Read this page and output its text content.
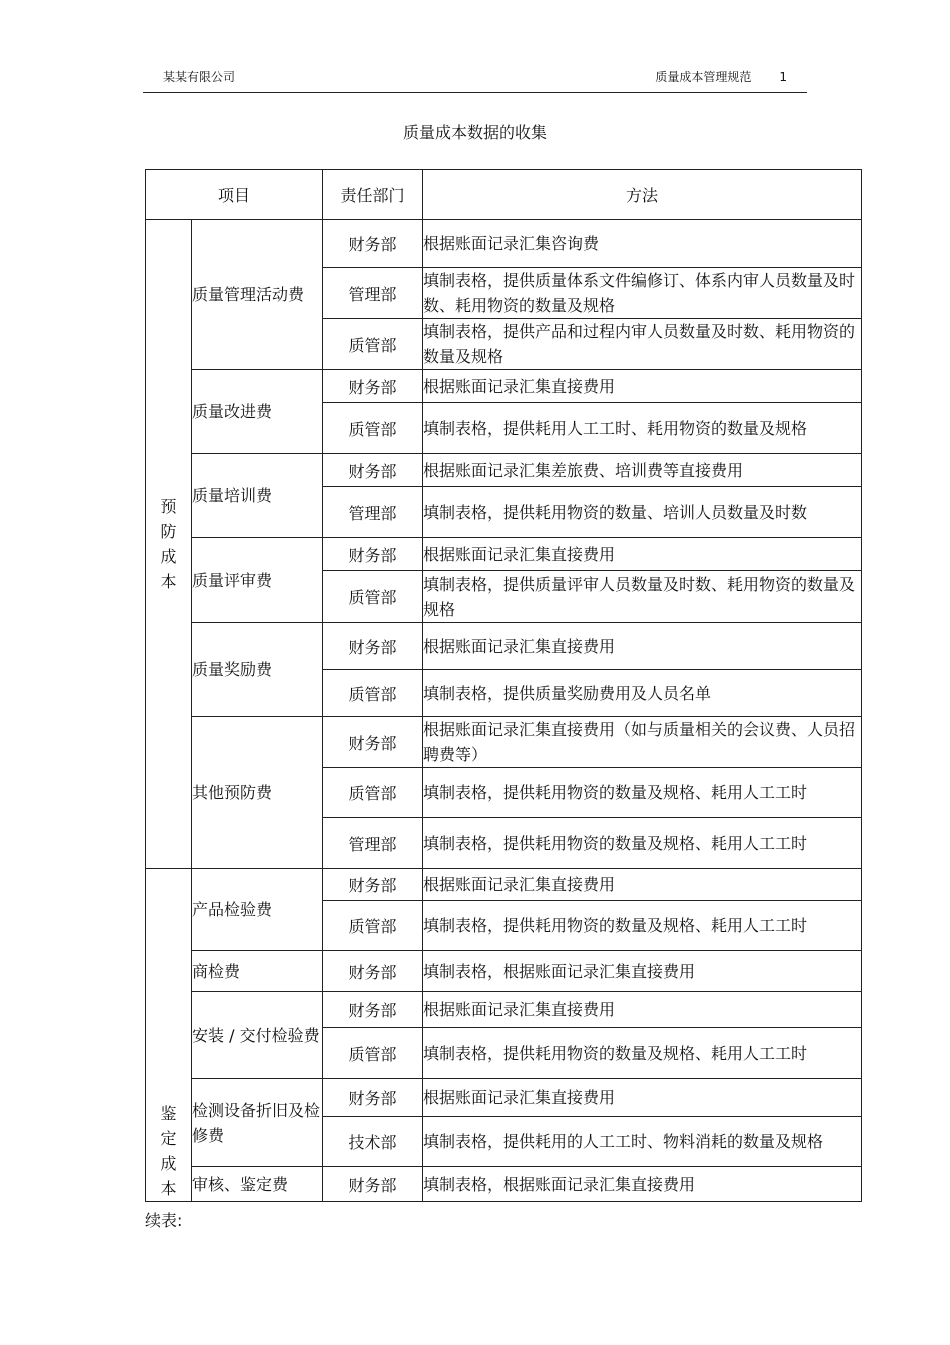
某某有限公司	质量成本管理规范 1
质量成本数据的收集
项目		责任部门	方法
预防成本	质量管理活动费	财务部	根据账面记录汇集咨询费
		管理部	填制表格，提供质量体系文件编修订、体系内审人员数量及时数、耗用物资的数量及规格
		质管部	填制表格，提供产品和过程内审人员数量及时数、耗用物资的数量及规格
	质量改进费	财务部	根据账面记录汇集直接费用
		质管部	填制表格，提供耗用人工工时、耗用物资的数量及规格
	质量培训费	财务部	根据账面记录汇集差旅费、培训费等直接费用
		管理部	填制表格，提供耗用物资的数量、培训人员数量及时数
	质量评审费	财务部	根据账面记录汇集直接费用
		质管部	填制表格，提供质量评审人员数量及时数、耗用物资的数量及规格
	质量奖励费	财务部	根据账面记录汇集直接费用
		质管部	填制表格，提供质量奖励费用及人员名单
	其他预防费	财务部	根据账面记录汇集直接费用（如与质量相关的会议费、人员招聘费等）
		质管部	填制表格，提供耗用物资的数量及规格、耗用人工工时
		管理部	填制表格，提供耗用物资的数量及规格、耗用人工工时
鉴定成本	产品检验费	财务部	根据账面记录汇集直接费用
		质管部	填制表格，提供耗用物资的数量及规格、耗用人工工时
	商检费	财务部	填制表格，根据账面记录汇集直接费用
	安装 / 交付检验费	财务部	根据账面记录汇集直接费用
		质管部	填制表格，提供耗用物资的数量及规格、耗用人工工时
	检测设备折旧及检修费	财务部	根据账面记录汇集直接费用
		技术部	填制表格，提供耗用的人工工时、物料消耗的数量及规格
	审核、鉴定费	财务部	填制表格，根据账面记录汇集直接费用
续表:
